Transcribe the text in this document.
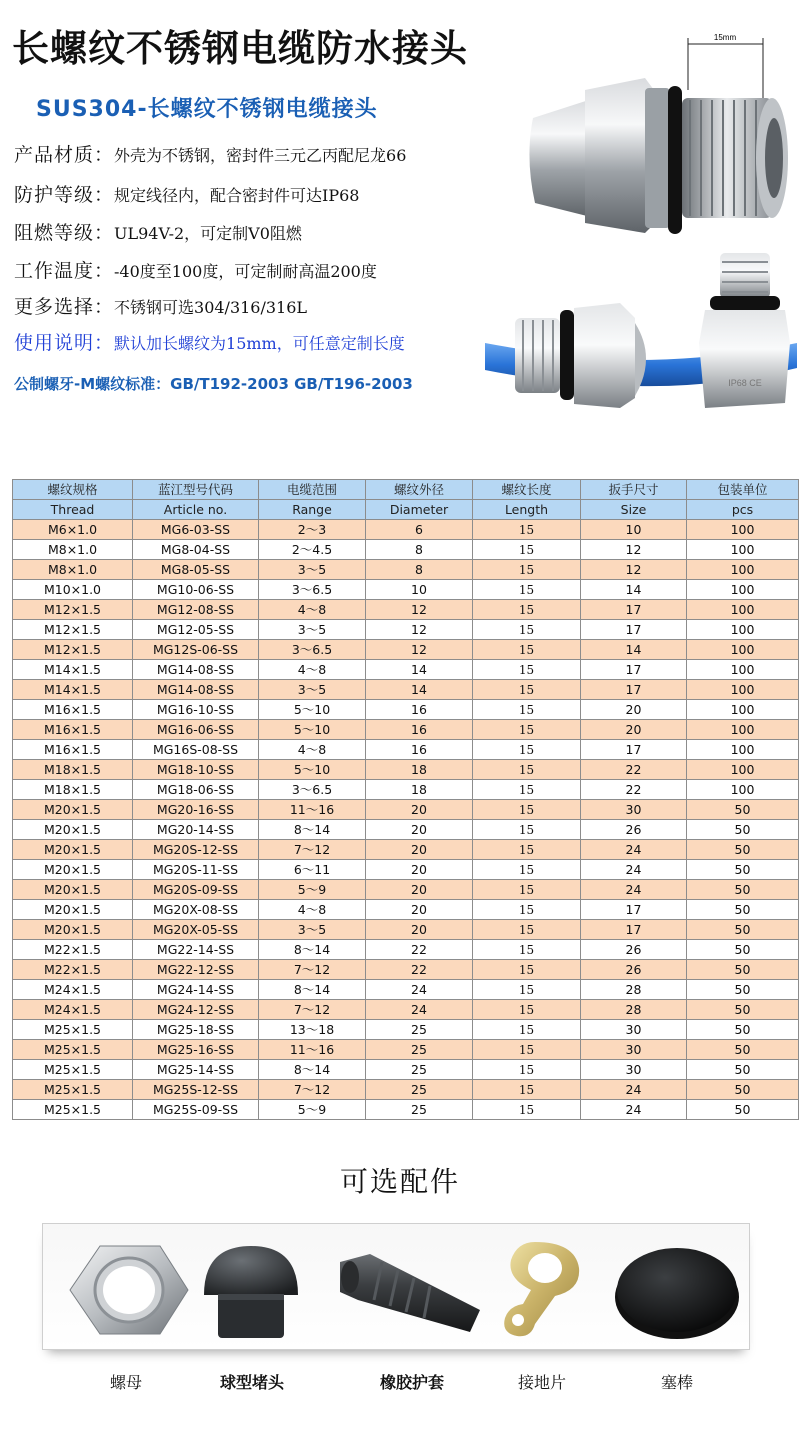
长螺纹不锈钢电缆防水接头
SUS304-长螺纹不锈钢电缆接头
产品材质：外壳为不锈钢，密封件三元乙丙配尼龙66
防护等级：规定线径内，配合密封件可达IP68
阻燃等级：UL94V-2，可定制V0阻燃
工作温度：-40度至100度，可定制耐高温200度
更多选择：不锈钢可选304/316/316L
使用说明：默认加长螺纹为15mm，可任意定制长度
公制螺牙-M螺纹标准：GB/T192-2003 GB/T196-2003
15mm
IP68 CE
螺纹规格	蓝江型号代码	电缆范围	螺纹外径	螺纹长度	扳手尺寸	包装单位
Thread	Article no.	Range	Diameter	Length	Size	pcs
M6×1.0	MG6-03-SS	2～3	6	15	10	100
M8×1.0	MG8-04-SS	2～4.5	8	15	12	100
M8×1.0	MG8-05-SS	3～5	8	15	12	100
M10×1.0	MG10-06-SS	3～6.5	10	15	14	100
M12×1.5	MG12-08-SS	4～8	12	15	17	100
M12×1.5	MG12-05-SS	3～5	12	15	17	100
M12×1.5	MG12S-06-SS	3～6.5	12	15	14	100
M14×1.5	MG14-08-SS	4～8	14	15	17	100
M14×1.5	MG14-08-SS	3～5	14	15	17	100
M16×1.5	MG16-10-SS	5～10	16	15	20	100
M16×1.5	MG16-06-SS	5～10	16	15	20	100
M16×1.5	MG16S-08-SS	4～8	16	15	17	100
M18×1.5	MG18-10-SS	5～10	18	15	22	100
M18×1.5	MG18-06-SS	3～6.5	18	15	22	100
M20×1.5	MG20-16-SS	11～16	20	15	30	50
M20×1.5	MG20-14-SS	8～14	20	15	26	50
M20×1.5	MG20S-12-SS	7～12	20	15	24	50
M20×1.5	MG20S-11-SS	6～11	20	15	24	50
M20×1.5	MG20S-09-SS	5～9	20	15	24	50
M20×1.5	MG20X-08-SS	4～8	20	15	17	50
M20×1.5	MG20X-05-SS	3～5	20	15	17	50
M22×1.5	MG22-14-SS	8～14	22	15	26	50
M22×1.5	MG22-12-SS	7～12	22	15	26	50
M24×1.5	MG24-14-SS	8～14	24	15	28	50
M24×1.5	MG24-12-SS	7～12	24	15	28	50
M25×1.5	MG25-18-SS	13～18	25	15	30	50
M25×1.5	MG25-16-SS	11～16	25	15	30	50
M25×1.5	MG25-14-SS	8～14	25	15	30	50
M25×1.5	MG25S-12-SS	7～12	25	15	24	50
M25×1.5	MG25S-09-SS	5～9	25	15	24	50
可选配件
螺母	球型堵头	橡胶护套	接地片	塞棒
